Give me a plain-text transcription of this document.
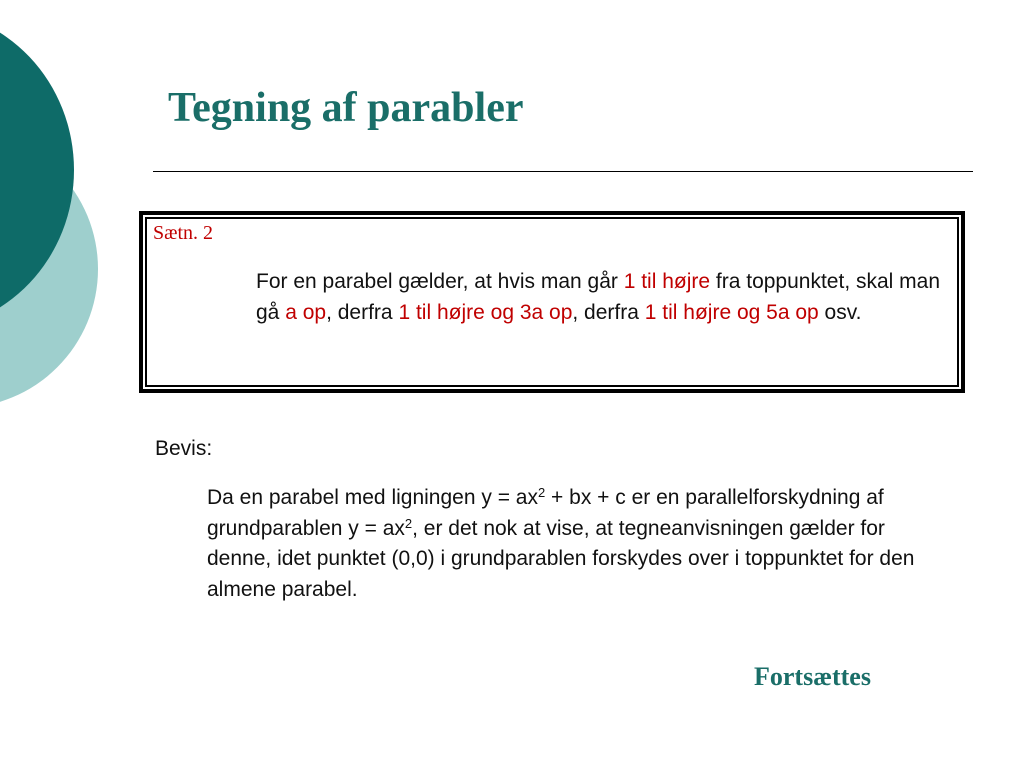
Tegning af parabler
Sætn. 2
For en parabel gælder, at hvis man går 1 til højre fra toppunktet, skal man gå a op, derfra 1 til højre og 3a op, derfra 1 til højre og 5a op osv.
Bevis:
Da en parabel med ligningen $y = ax^2$ + bx + c er en parallelforskydning af grundparablen $y = ax^2$, er det nok at vise, at tegneanvisningen gælder for denne, idet punktet (0,0) i grundparablen forskydes over i toppunktet for den almene parabel.
Fortsættes
